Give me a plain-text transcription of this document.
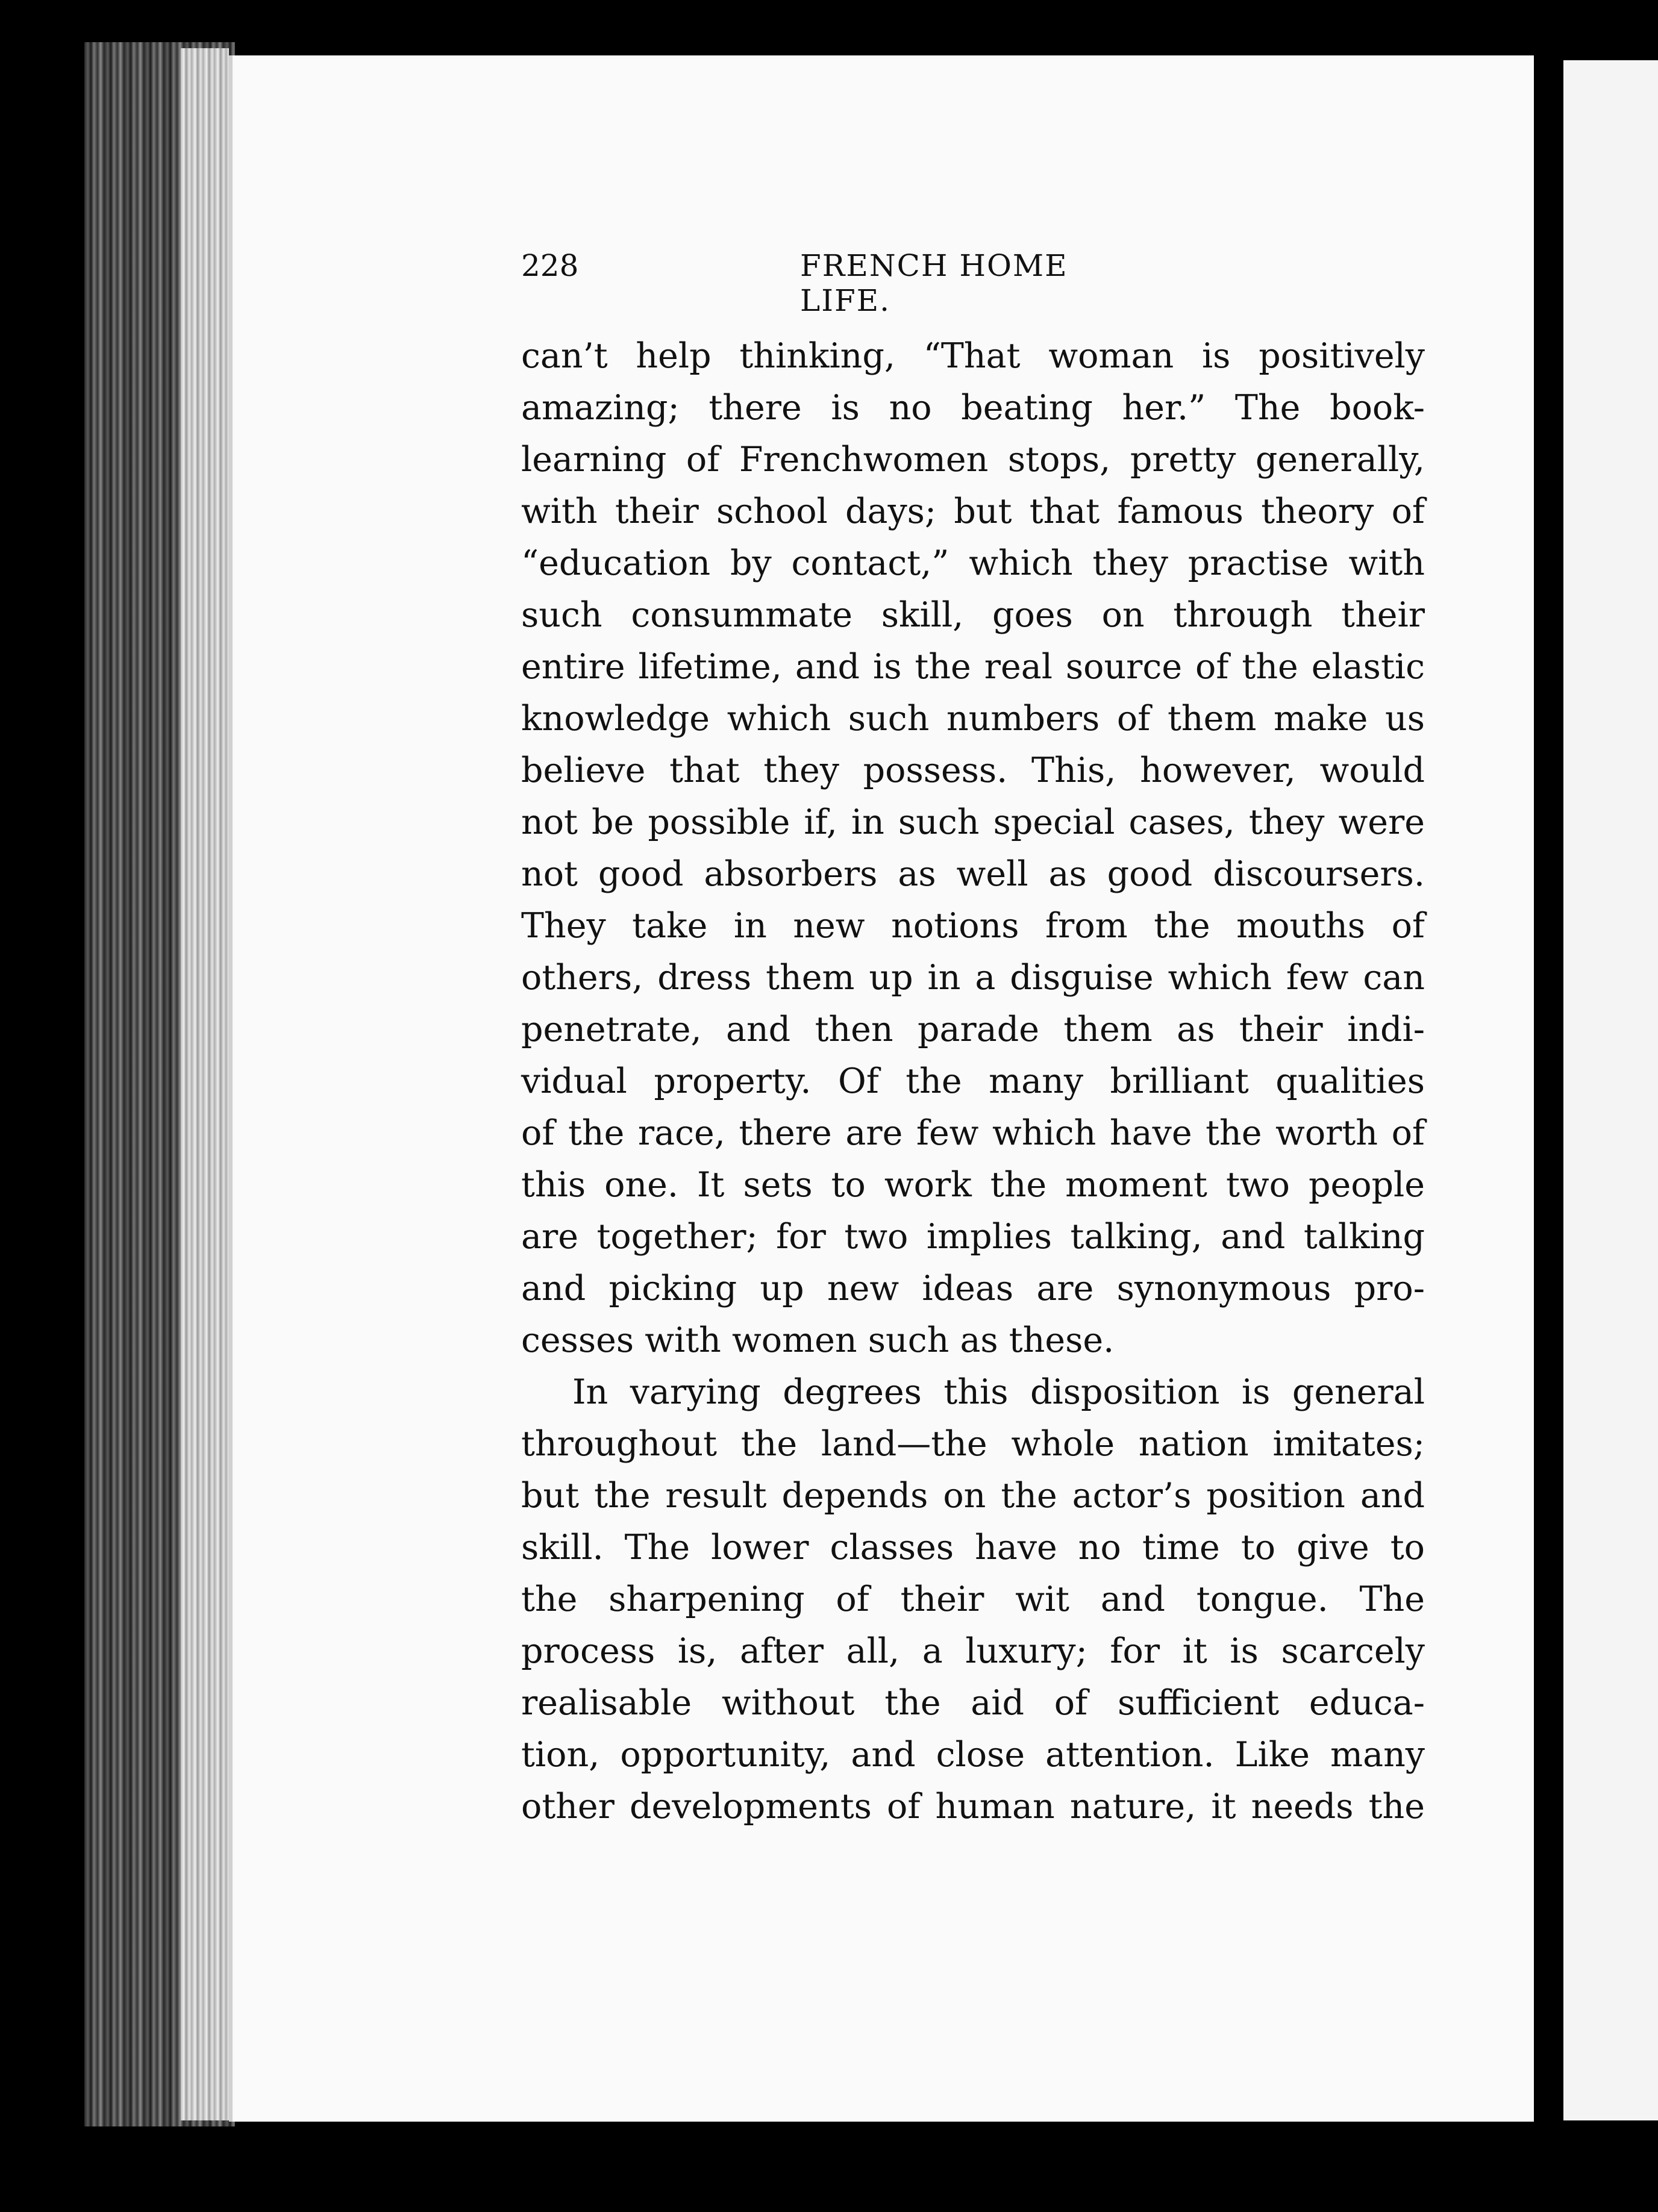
228	FRENCH HOME LIFE.
can’t help thinking, “That woman is positively
amazing; there is no beating her.” The book-
learning of Frenchwomen stops, pretty generally,
with their school days; but that famous theory of
“education by contact,” which they practise with
such consummate skill, goes on through their
entire lifetime, and is the real source of the elastic
knowledge which such numbers of them make us
believe that they possess. This, however, would
not be possible if, in such special cases, they were
not good absorbers as well as good discoursers.
They take in new notions from the mouths of
others, dress them up in a disguise which few can
penetrate, and then parade them as their indi-
vidual property. Of the many brilliant qualities
of the race, there are few which have the worth of
this one. It sets to work the moment two people
are together; for two implies talking, and talking
and picking up new ideas are synonymous pro-
cesses with women such as these.
In varying degrees this disposition is general
throughout the land—the whole nation imitates;
but the result depends on the actor’s position and
skill. The lower classes have no time to give to
the sharpening of their wit and tongue. The
process is, after all, a luxury; for it is scarcely
realisable without the aid of sufficient educa-
tion, opportunity, and close attention. Like many
other developments of human nature, it needs the
